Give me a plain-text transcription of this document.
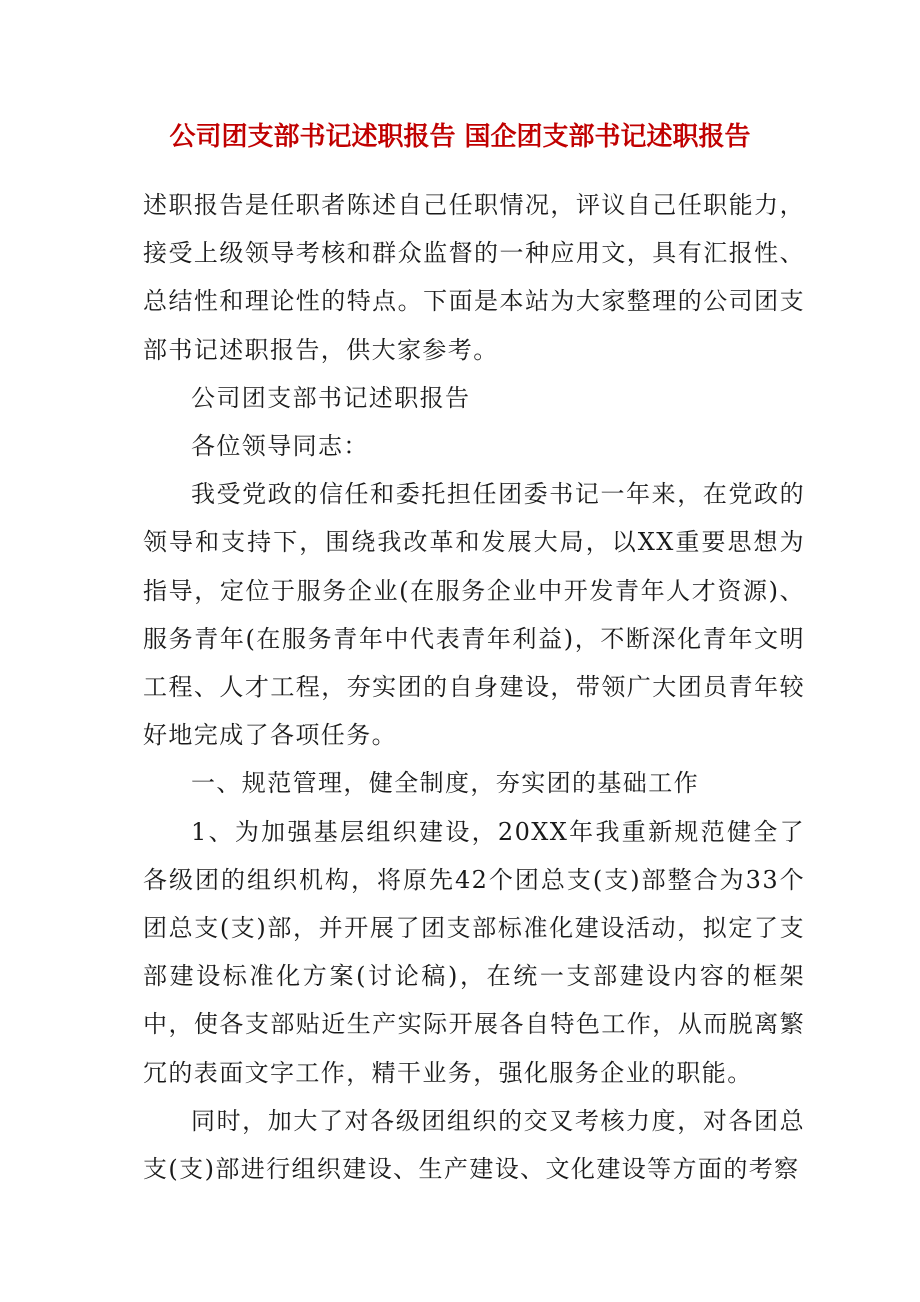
公司团支部书记述职报告 国企团支部书记述职报告

述职报告是任职者陈述自己任职情况，评议自己任职能力，接受上级领导考核和群众监督的一种应用文，具有汇报性、总结性和理论性的特点。下面是本站为大家整理的公司团支部书记述职报告，供大家参考。

公司团支部书记述职报告

各位领导同志：

我受党政的信任和委托担任团委书记一年来，在党政的领导和支持下，围绕我改革和发展大局，以XX重要思想为指导，定位于服务企业(在服务企业中开发青年人才资源)、服务青年(在服务青年中代表青年利益)，不断深化青年文明工程、人才工程，夯实团的自身建设，带领广大团员青年较好地完成了各项任务。

一、规范管理，健全制度，夯实团的基础工作

1、为加强基层组织建设，20XX年我重新规范健全了各级团的组织机构，将原先42个团总支(支)部整合为33个团总支(支)部，并开展了团支部标准化建设活动，拟定了支部建设标准化方案(讨论稿)，在统一支部建设内容的框架中，使各支部贴近生产实际开展各自特色工作，从而脱离繁冗的表面文字工作，精干业务，强化服务企业的职能。

同时，加大了对各级团组织的交叉考核力度，对各团总支(支)部进行组织建设、生产建设、文化建设等方面的考察
